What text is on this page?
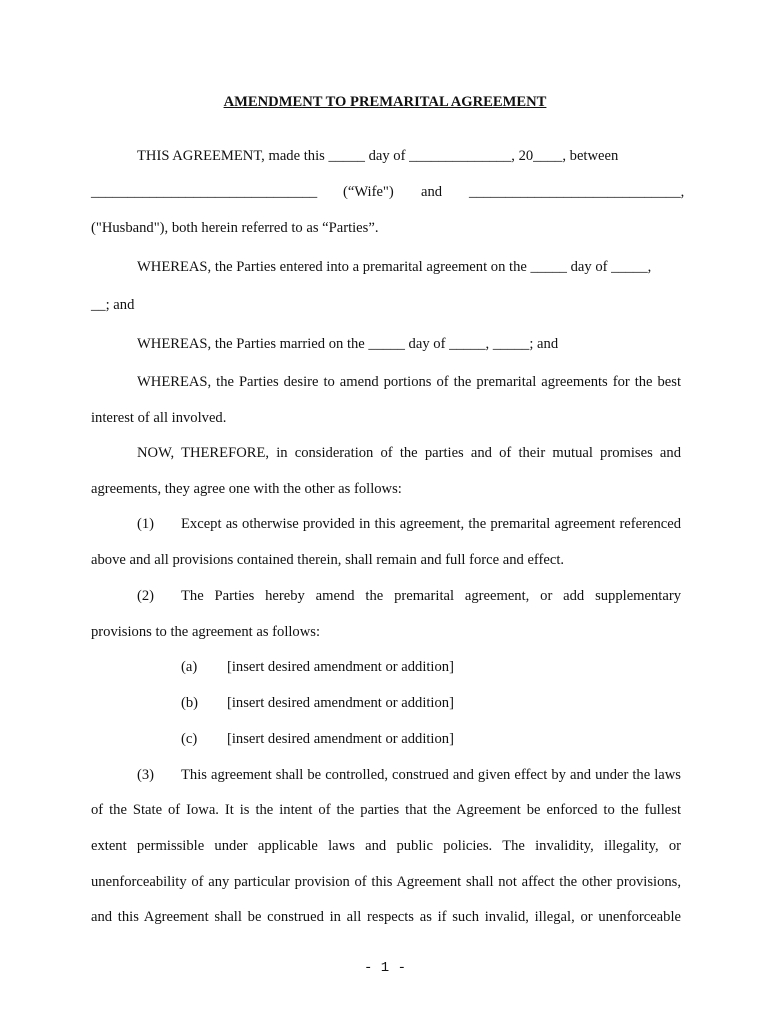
AMENDMENT TO PREMARITAL AGREEMENT
THIS AGREEMENT, made this _____ day of ______________, 20____, between
_______________________________ (“Wife") and _____________________________,
("Husband"), both herein referred to as “Parties”.
WHEREAS, the Parties entered into a premarital agreement on the _____ day of _____,
__; and
WHEREAS, the Parties married on the _____ day of _____, _____; and
WHEREAS, the Parties desire to amend portions of the premarital agreements for the best
interest of all involved.
NOW, THEREFORE, in consideration of the parties and of their mutual promises and
agreements, they agree one with the other as follows:
(1) Except as otherwise provided in this agreement, the premarital agreement referenced
above and all provisions contained therein, shall remain and full force and effect.
(2) The Parties hereby amend the premarital agreement, or add supplementary
provisions to the agreement as follows:
(a) [insert desired amendment or addition]
(b) [insert desired amendment or addition]
(c) [insert desired amendment or addition]
(3) This agreement shall be controlled, construed and given effect by and under the laws
of the State of Iowa. It is the intent of the parties that the Agreement be enforced to the fullest
extent permissible under applicable laws and public policies. The invalidity, illegality, or
unenforceability of any particular provision of this Agreement shall not affect the other provisions,
and this Agreement shall be construed in all respects as if such invalid, illegal, or unenforceable
- 1 -
